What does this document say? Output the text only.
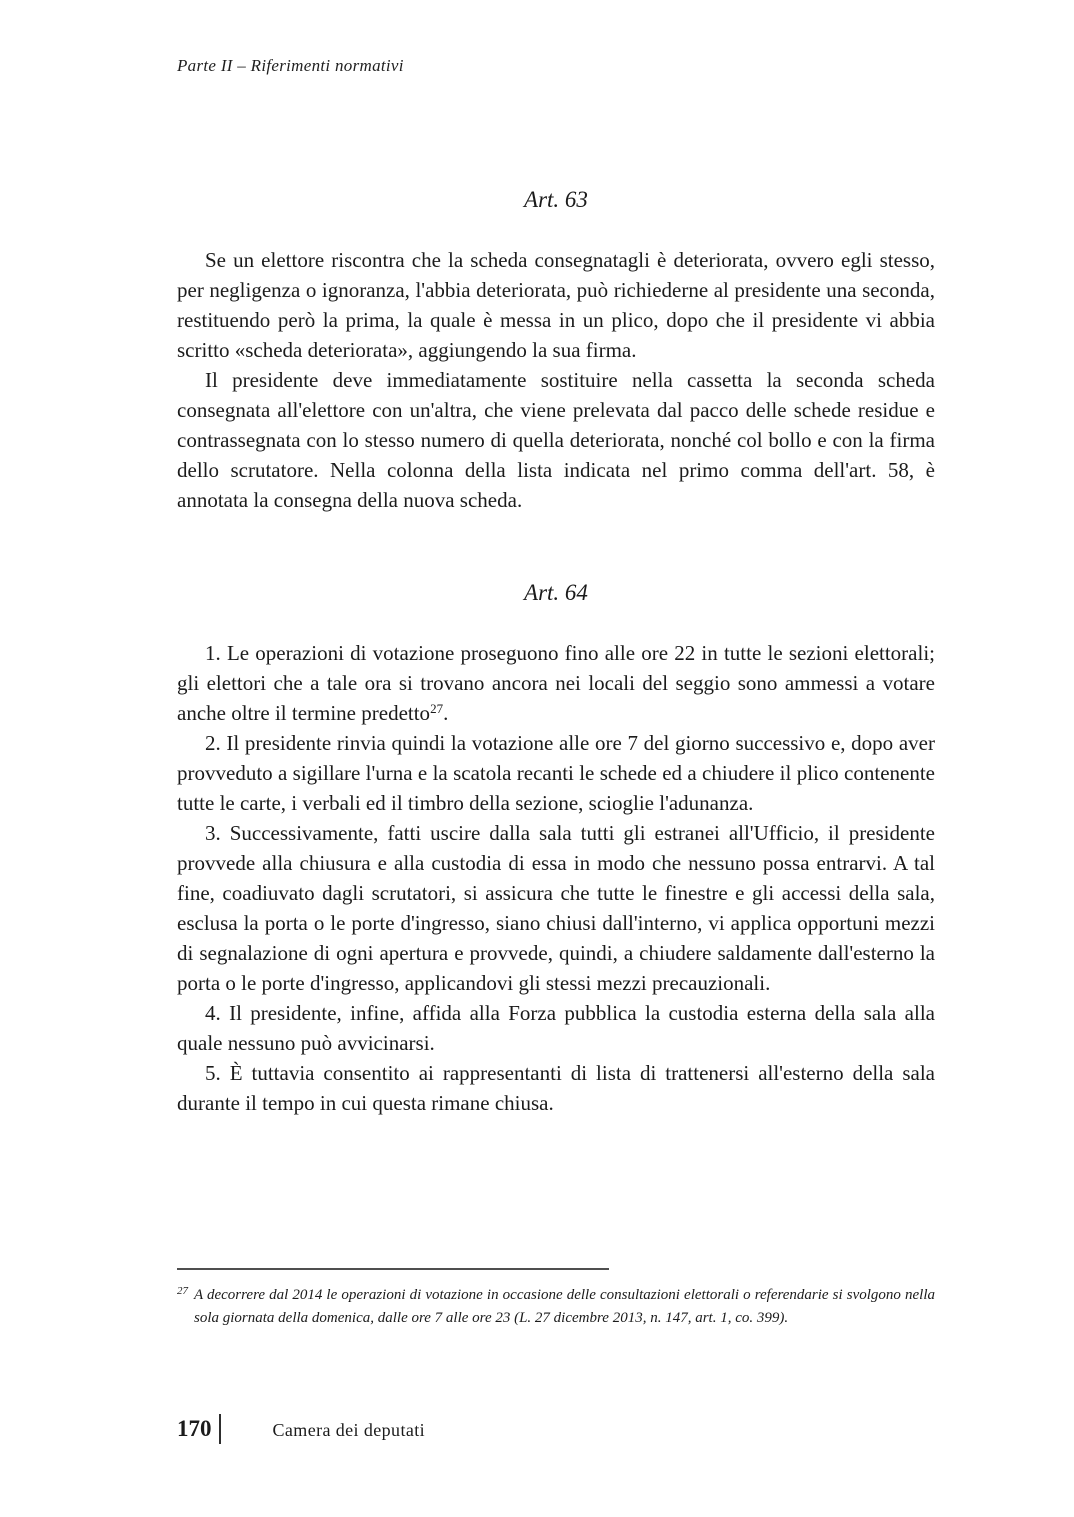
Parte II – Riferimenti normativi
Art. 63

Se un elettore riscontra che la scheda consegnatagli è deteriorata, ovvero egli stesso, per negligenza o ignoranza, l'abbia deteriorata, può richiederne al presidente una seconda, restituendo però la prima, la quale è messa in un plico, dopo che il presidente vi abbia scritto «scheda deteriorata», aggiungendo la sua firma.

Il presidente deve immediatamente sostituire nella cassetta la seconda scheda consegnata all'elettore con un'altra, che viene prelevata dal pacco delle schede residue e contrassegnata con lo stesso numero di quella deteriorata, nonché col bollo e con la firma dello scrutatore. Nella colonna della lista indicata nel primo comma dell'art. 58, è annotata la consegna della nuova scheda.

Art. 64

1. Le operazioni di votazione proseguono fino alle ore 22 in tutte le sezioni elettorali; gli elettori che a tale ora si trovano ancora nei locali del seggio sono ammessi a votare anche oltre il termine predetto$^{27}$.

2. Il presidente rinvia quindi la votazione alle ore 7 del giorno successivo e, dopo aver provveduto a sigillare l'urna e la scatola recanti le schede ed a chiudere il plico contenente tutte le carte, i verbali ed il timbro della sezione, scioglie l'adunanza.

3. Successivamente, fatti uscire dalla sala tutti gli estranei all'Ufficio, il presidente provvede alla chiusura e alla custodia di essa in modo che nessuno possa entrarvi. A tal fine, coadiuvato dagli scrutatori, si assicura che tutte le finestre e gli accessi della sala, esclusa la porta o le porte d'ingresso, siano chiusi dall'interno, vi applica opportuni mezzi di segnalazione di ogni apertura e provvede, quindi, a chiudere saldamente dall'esterno la porta o le porte d'ingresso, applicandovi gli stessi mezzi precauzionali.

4. Il presidente, infine, affida alla Forza pubblica la custodia esterna della sala alla quale nessuno può avvicinarsi.

5. È tuttavia consentito ai rappresentanti di lista di trattenersi all'esterno della sala durante il tempo in cui questa rimane chiusa.

$^{27}$ A decorrere dal 2014 le operazioni di votazione in occasione delle consultazioni elettorali o referendarie si svolgono nella sola giornata della domenica, dalle ore 7 alle ore 23 (L. 27 dicembre 2013, n. 147, art. 1, co. 399).

170	Camera dei deputati
